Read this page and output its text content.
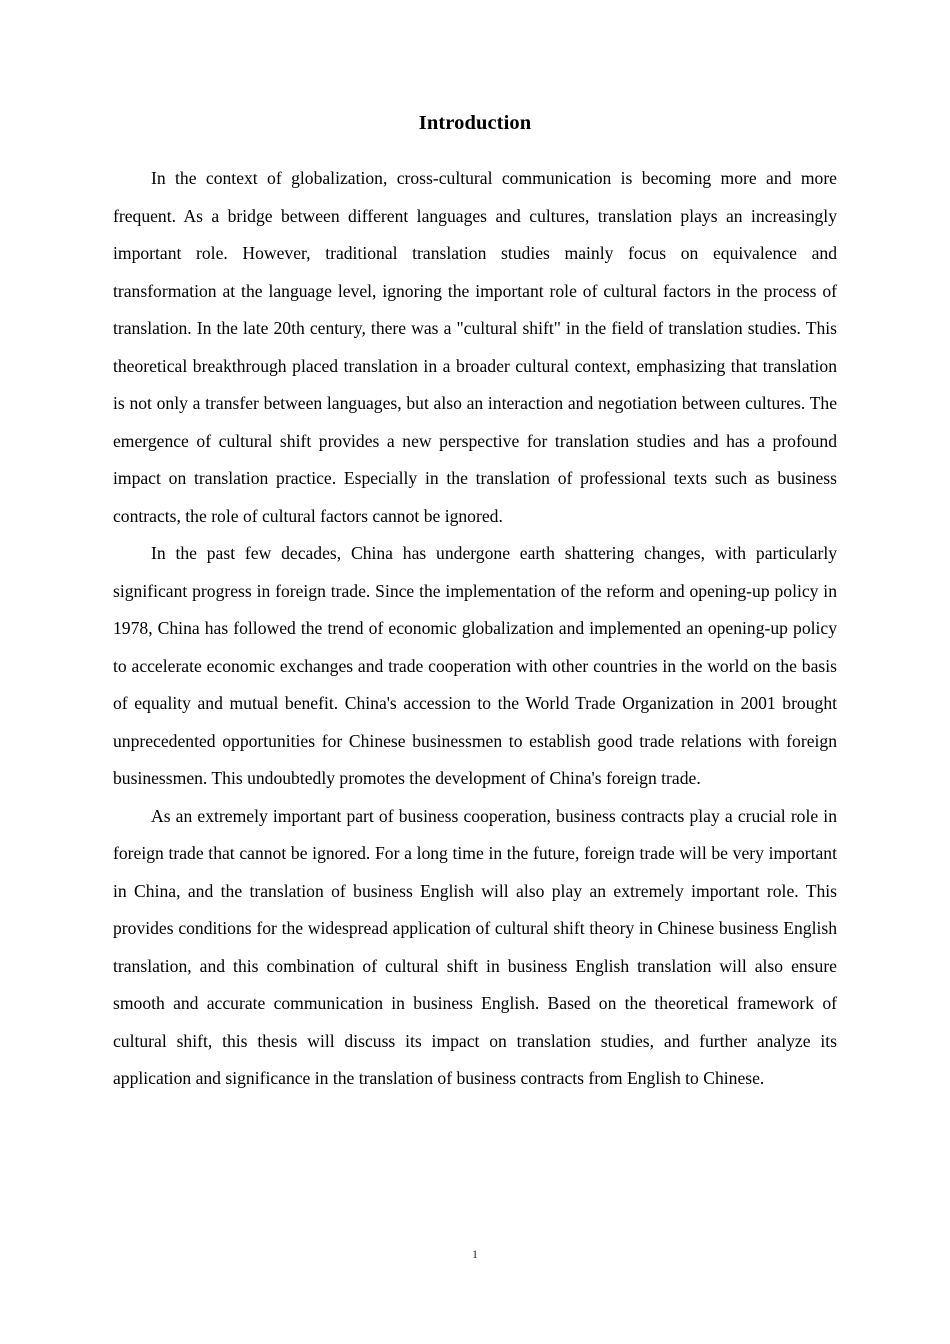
Introduction

In the context of globalization, cross-cultural communication is becoming more and more frequent. As a bridge between different languages and cultures, translation plays an increasingly important role. However, traditional translation studies mainly focus on equivalence and transformation at the language level, ignoring the important role of cultural factors in the process of translation. In the late 20th century, there was a "cultural shift" in the field of translation studies. This theoretical breakthrough placed translation in a broader cultural context, emphasizing that translation is not only a transfer between languages, but also an interaction and negotiation between cultures. The emergence of cultural shift provides a new perspective for translation studies and has a profound impact on translation practice. Especially in the translation of professional texts such as business contracts, the role of cultural factors cannot be ignored.

In the past few decades, China has undergone earth shattering changes, with particularly significant progress in foreign trade. Since the implementation of the reform and opening-up policy in 1978, China has followed the trend of economic globalization and implemented an opening-up policy to accelerate economic exchanges and trade cooperation with other countries in the world on the basis of equality and mutual benefit. China's accession to the World Trade Organization in 2001 brought unprecedented opportunities for Chinese businessmen to establish good trade relations with foreign businessmen. This undoubtedly promotes the development of China's foreign trade.

As an extremely important part of business cooperation, business contracts play a crucial role in foreign trade that cannot be ignored. For a long time in the future, foreign trade will be very important in China, and the translation of business English will also play an extremely important role. This provides conditions for the widespread application of cultural shift theory in Chinese business English translation, and this combination of cultural shift in business English translation will also ensure smooth and accurate communication in business English. Based on the theoretical framework of cultural shift, this thesis will discuss its impact on translation studies, and further analyze its application and significance in the translation of business contracts from English to Chinese.

1
